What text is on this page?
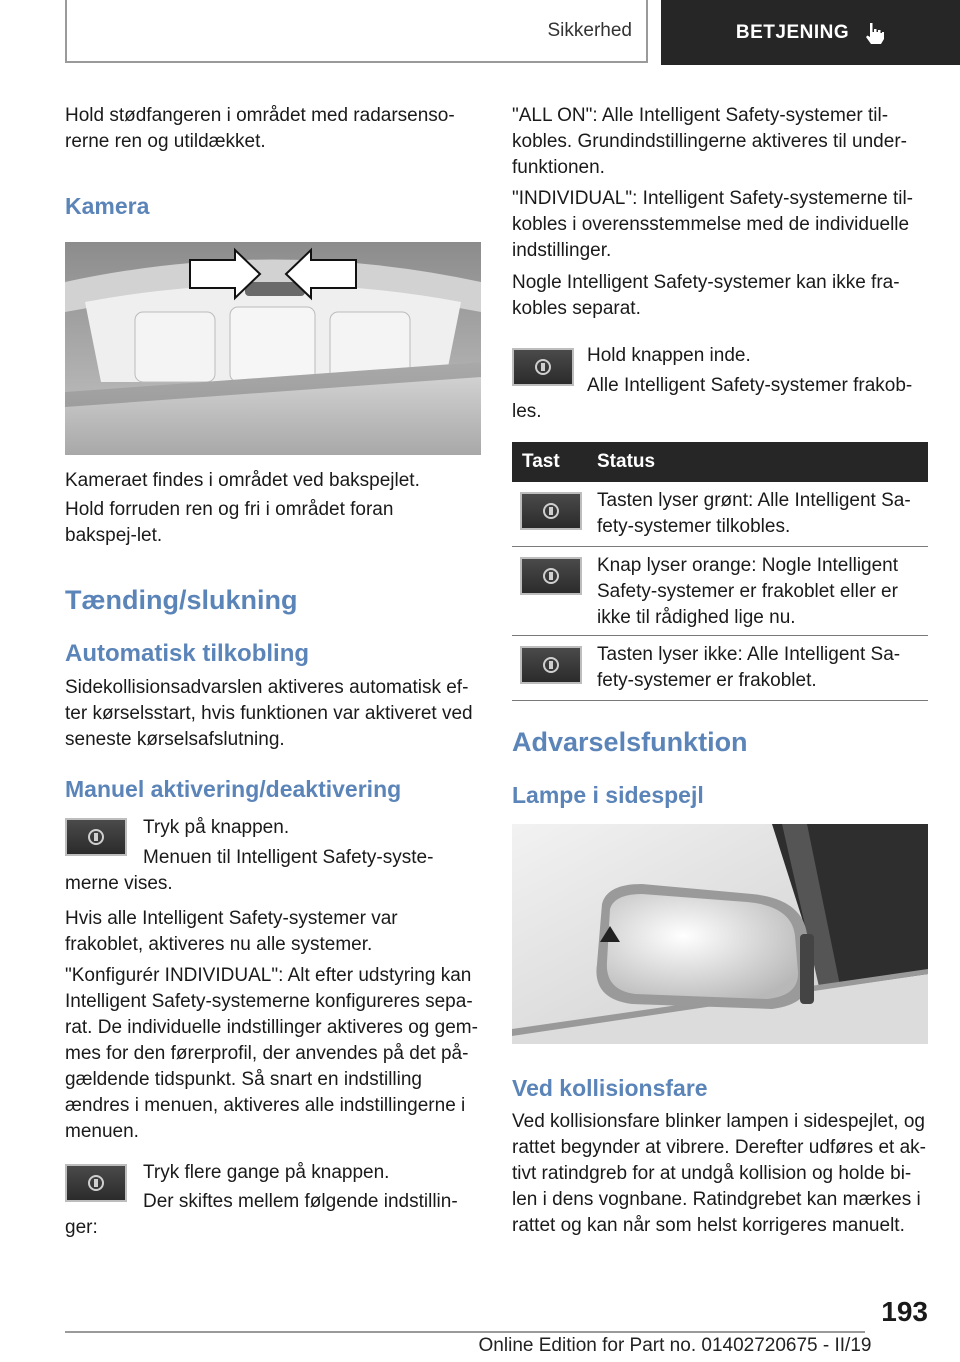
Sikkerhed	BETJENING

Hold stødfangeren i området med radarsenso-rerne ren og utildækket.

Kamera

Kameraet findes i området ved bakspejlet.

Hold forruden ren og fri i området foran bakspej-let.

Tænding/slukning

Automatisk tilkobling

Sidekollisionsadvarslen aktiveres automatisk ef-ter kørselsstart, hvis funktionen var aktiveret ved seneste kørselsafslutning.

Manuel aktivering/deaktivering

Tryk på knappen.

Menuen til Intelligent Safety-syste-merne vises.

Hvis alle Intelligent Safety-systemer var frakoblet, aktiveres nu alle systemer.

"Konfigurér INDIVIDUAL": Alt efter udstyring kan Intelligent Safety-systemerne konfigureres sepa-rat. De individuelle indstillinger aktiveres og gem-mes for den førerprofil, der anvendes på det på-gældende tidspunkt. Så snart en indstilling ændres i menuen, aktiveres alle indstillingerne i menuen.

Tryk flere gange på knappen.

Der skiftes mellem følgende indstillin-ger:

"ALL ON": Alle Intelligent Safety-systemer til-kobles. Grundindstillingerne aktiveres til under-funktionen.

"INDIVIDUAL": Intelligent Safety-systemerne til-kobles i overensstemmelse med de individuelle indstillinger.

Nogle Intelligent Safety-systemer kan ikke fra-kobles separat.

Hold knappen inde.

Alle Intelligent Safety-systemer frakob-les.

Tast Status

Tasten lyser grønt: Alle Intelligent Sa-fety-systemer tilkobles.

Knap lyser orange: Nogle Intelligent Safety-systemer er frakoblet eller er ikke til rådighed lige nu.

Tasten lyser ikke: Alle Intelligent Sa-fety-systemer er frakoblet.

Advarselsfunktion

Lampe i sidespejl

Ved kollisionsfare

Ved kollisionsfare blinker lampen i sidespejlet, og rattet begynder at vibrere. Derefter udføres et ak-tivt ratindgreb for at undgå kollision og holde bi-len i dens vognbane. Ratindgrebet kan mærkes i rattet og kan når som helst korrigeres manuelt.

193
Online Edition for Part no. 01402720675 - II/19
